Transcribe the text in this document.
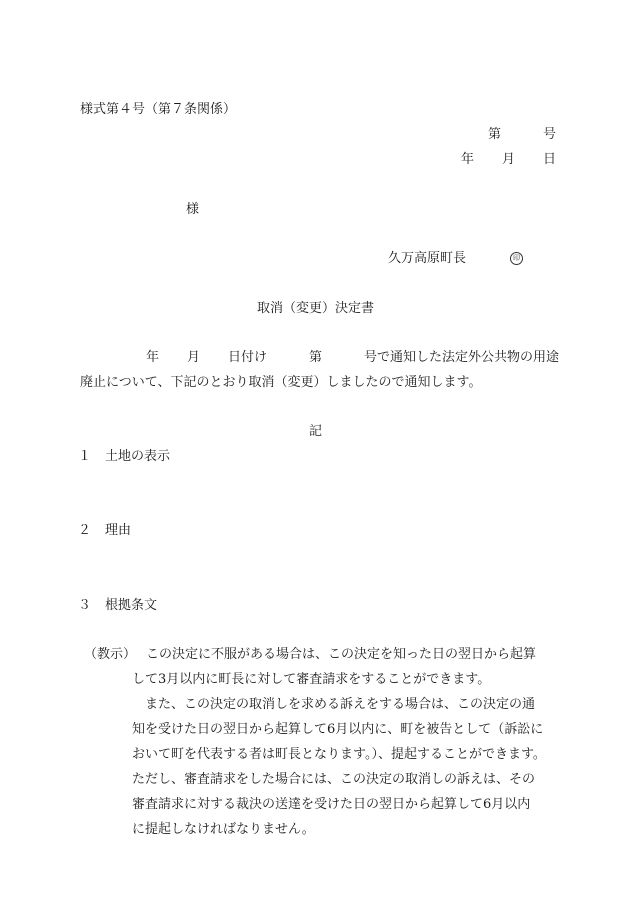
様式第４号（第７条関係）
第	号
年 月 日
様
久万高原町長	印
取消（変更）決定書
年 月 日付け	第	号で通知した法定外公共物の用途
廃止について、下記のとおり取消（変更）しましたので通知します。
記
１ 土地の表示
２ 理由
３ 根拠条文
（教示） この決定に不服がある場合は、この決定を知った日の翌日から起算
して3月以内に町長に対して審査請求をすることができます。
　また、この決定の取消しを求める訴えをする場合は、この決定の通
知を受けた日の翌日から起算して6月以内に、町を被告として（訴訟に
おいて町を代表する者は町長となります。）、提起することができます。
ただし、審査請求をした場合には、この決定の取消しの訴えは、その
審査請求に対する裁決の送達を受けた日の翌日から起算して6月以内
に提起しなければなりません。
